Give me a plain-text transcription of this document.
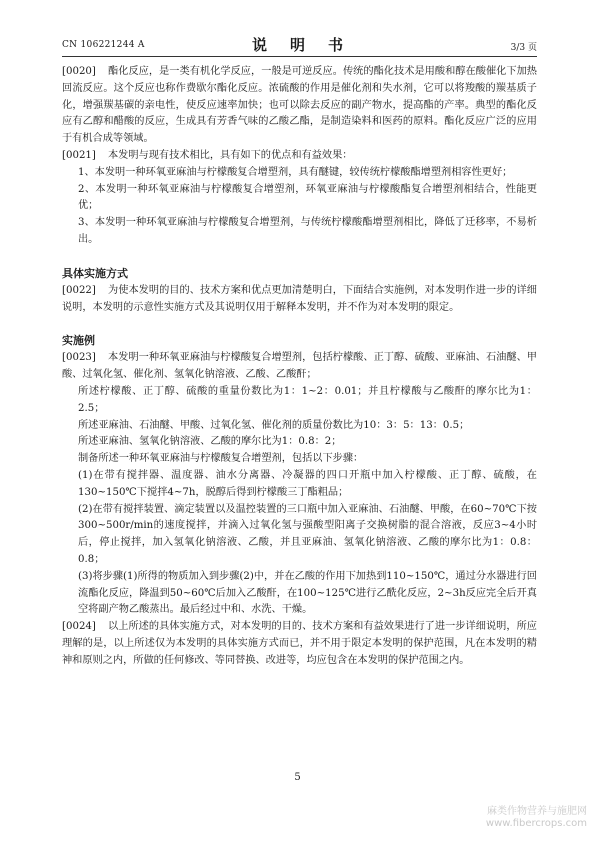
CN 106221244 A	说　明　书	3/3 页

[0020] 酯化反应，是一类有机化学反应，一般是可逆反应。传统的酯化技术是用酸和醇在酸催化下加热回流反应。这个反应也称作费歇尔酯化反应。浓硫酸的作用是催化剂和失水剂，它可以将羧酸的羰基质子化，增强羰基碳的亲电性，使反应速率加快；也可以除去反应的副产物水，提高酯的产率。典型的酯化反应有乙醇和醋酸的反应，生成具有芳香气味的乙酸乙酯，是制造染料和医药的原料。酯化反应广泛的应用于有机合成等领域。

[0021] 本发明与现有技术相比，具有如下的优点和有益效果：

1、本发明一种环氧亚麻油与柠檬酸复合增塑剂，具有醚键，较传统柠檬酸酯增塑剂相容性更好；

2、本发明一种环氧亚麻油与柠檬酸复合增塑剂，环氧亚麻油与柠檬酸酯复合增塑剂相结合，性能更优；

3、本发明一种环氧亚麻油与柠檬酸复合增塑剂，与传统柠檬酸酯增塑剂相比，降低了迁移率，不易析出。

具体实施方式

[0022] 为使本发明的目的、技术方案和优点更加清楚明白，下面结合实施例，对本发明作进一步的详细说明，本发明的示意性实施方式及其说明仅用于解释本发明，并不作为对本发明的限定。

实施例

[0023] 本发明一种环氧亚麻油与柠檬酸复合增塑剂，包括柠檬酸、正丁醇、硫酸、亚麻油、石油醚、甲酸、过氧化氢、催化剂、氢氧化钠溶液、乙酸、乙酸酐；

所述柠檬酸、正丁醇、硫酸的重量份数比为1：1~2：0.01；并且柠檬酸与乙酸酐的摩尔比为1：2.5；

所述亚麻油、石油醚、甲酸、过氧化氢、催化剂的质量份数比为10：3：5：13：0.5；

所述亚麻油、氢氧化钠溶液、乙酸的摩尔比为1：0.8：2；

制备所述一种环氧亚麻油与柠檬酸复合增塑剂，包括以下步骤：

(1)在带有搅拌器、温度器、油水分离器、冷凝器的四口开瓶中加入柠檬酸、正丁醇、硫酸，在130~150℃下搅拌4~7h，脱醇后得到柠檬酸三丁酯粗品；

(2)在带有搅拌装置、滴定装置以及温控装置的三口瓶中加入亚麻油、石油醚、甲酸，在60~70℃下按300~500r/min的速度搅拌，并滴入过氧化氢与强酸型阳离子交换树脂的混合溶液，反应3~4小时后，停止搅拌，加入氢氧化钠溶液、乙酸，并且亚麻油、氢氧化钠溶液、乙酸的摩尔比为1：0.8：0.8；

(3)将步骤(1)所得的物质加入到步骤(2)中，并在乙酸的作用下加热到110~150℃，通过分水器进行回流酯化反应，降温到50~60℃后加入乙酸酐，在100~125℃进行乙酰化反应，2~3h反应完全后开真空将副产物乙酸蒸出。最后经过中和、水洗、干燥。

[0024] 以上所述的具体实施方式，对本发明的目的、技术方案和有益效果进行了进一步详细说明，所应理解的是，以上所述仅为本发明的具体实施方式而已，并不用于限定本发明的保护范围，凡在本发明的精神和原则之内，所做的任何修改、等同替换、改进等，均应包含在本发明的保护范围之内。

5
麻类作物营养与施肥网
www.fibercrops.com
